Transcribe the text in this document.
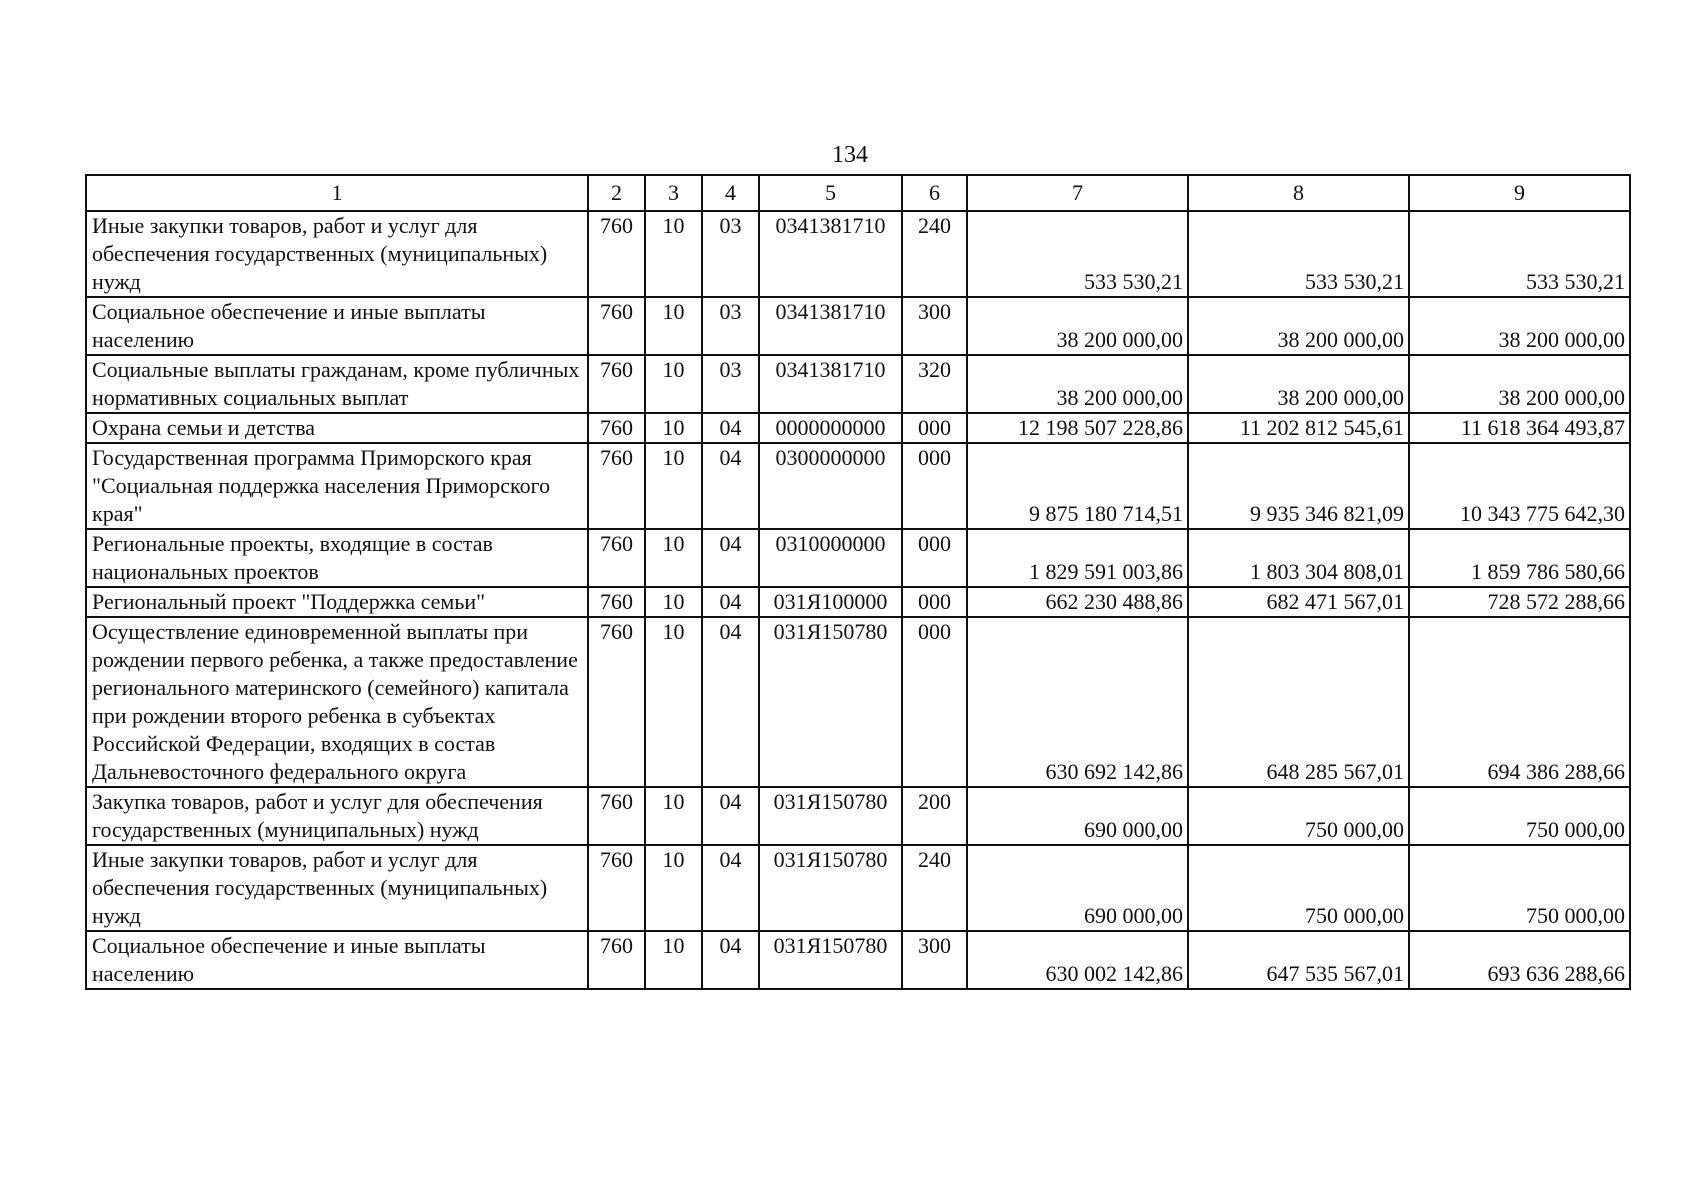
134
1	2	3	4	5	6	7	8	9
Иные закупки товаров, работ и услуг для обеспечения государственных (муниципальных) нужд	760	10	03	0341381710	240	533 530,21	533 530,21	533 530,21
Социальное обеспечение и иные выплаты населению	760	10	03	0341381710	300	38 200 000,00	38 200 000,00	38 200 000,00
Социальные выплаты гражданам, кроме публичных нормативных социальных выплат	760	10	03	0341381710	320	38 200 000,00	38 200 000,00	38 200 000,00
Охрана семьи и детства	760	10	04	0000000000	000	12 198 507 228,86	11 202 812 545,61	11 618 364 493,87
Государственная программа Приморского края "Социальная поддержка населения Приморского края"	760	10	04	0300000000	000	9 875 180 714,51	9 935 346 821,09	10 343 775 642,30
Региональные проекты, входящие в состав национальных проектов	760	10	04	0310000000	000	1 829 591 003,86	1 803 304 808,01	1 859 786 580,66
Региональный проект "Поддержка семьи"	760	10	04	031Я100000	000	662 230 488,86	682 471 567,01	728 572 288,66
Осуществление единовременной выплаты при рождении первого ребенка, а также предоставление регионального материнского (семейного) капитала при рождении второго ребенка в субъектах Российской Федерации, входящих в состав Дальневосточного федерального округа	760	10	04	031Я150780	000	630 692 142,86	648 285 567,01	694 386 288,66
Закупка товаров, работ и услуг для обеспечения государственных (муниципальных) нужд	760	10	04	031Я150780	200	690 000,00	750 000,00	750 000,00
Иные закупки товаров, работ и услуг для обеспечения государственных (муниципальных) нужд	760	10	04	031Я150780	240	690 000,00	750 000,00	750 000,00
Социальное обеспечение и иные выплаты населению	760	10	04	031Я150780	300	630 002 142,86	647 535 567,01	693 636 288,66
